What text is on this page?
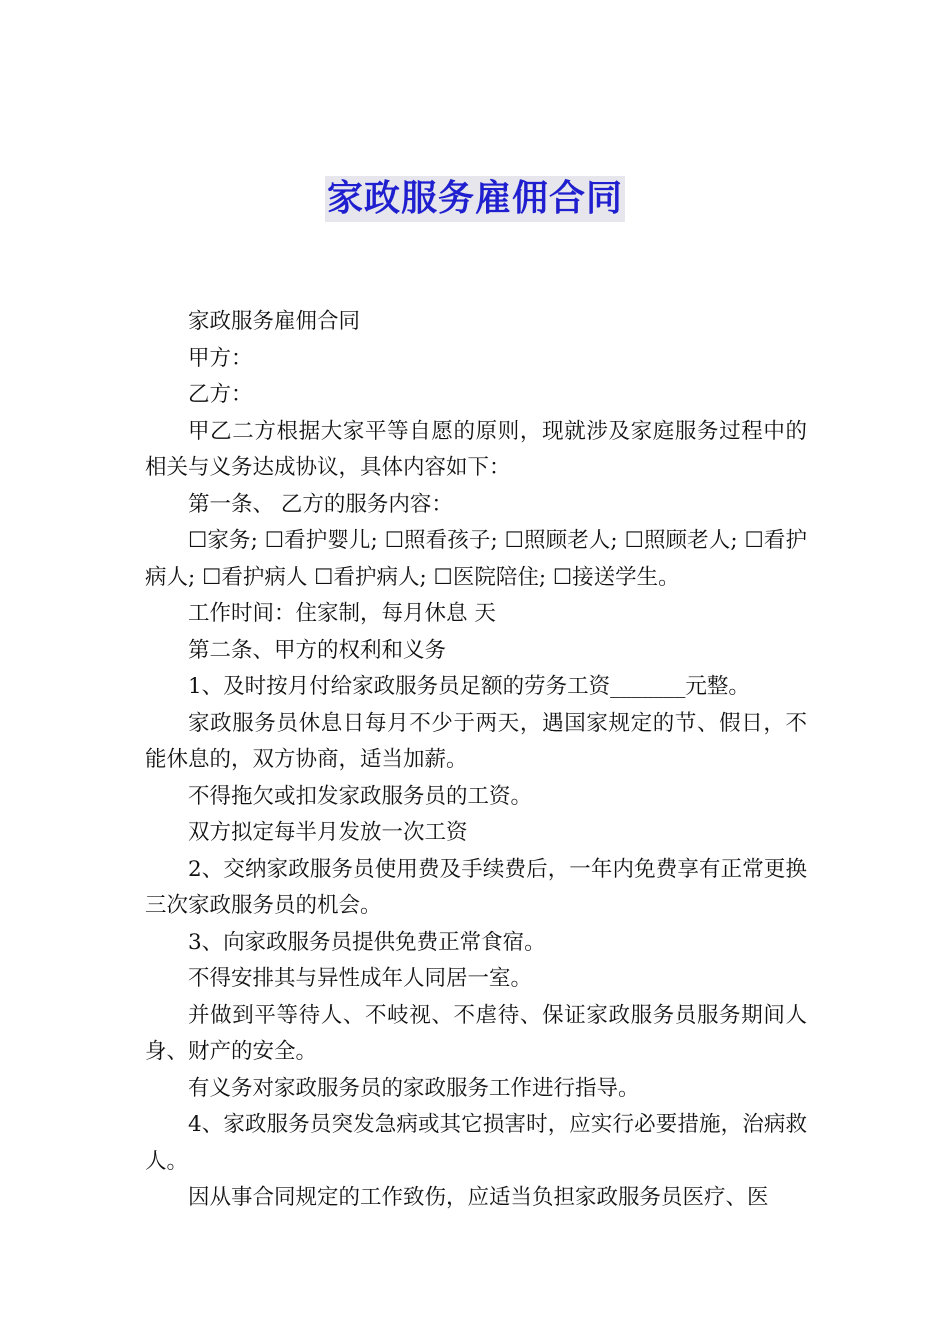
家政服务雇佣合同

家政服务雇佣合同

甲方：

乙方：

甲乙二方根据大家平等自愿的原则，现就涉及家庭服务过程中的相关与义务达成协议，具体内容如下：

第一条、 乙方的服务内容：

☐家务; ☐看护婴儿; ☐照看孩子; ☐照顾老人; ☐照顾老人; ☐看护病人; ☐看护病人 ☐看护病人; ☐医院陪住; ☐接送学生。

工作时间：住家制，每月休息 天

第二条、甲方的权利和义务

1、及时按月付给家政服务员足额的劳务工资_______元整。

家政服务员休息日每月不少于两天，遇国家规定的节、假日，不能休息的，双方协商，适当加薪。

不得拖欠或扣发家政服务员的工资。

双方拟定每半月发放一次工资

2、交纳家政服务员使用费及手续费后，一年内免费享有正常更换三次家政服务员的机会。

3、向家政服务员提供免费正常食宿。

不得安排其与异性成年人同居一室。

并做到平等待人、不岐视、不虐待、保证家政服务员服务期间人身、财产的安全。

有义务对家政服务员的家政服务工作进行指导。

4、家政服务员突发急病或其它损害时，应实行必要措施，治病救人。

因从事合同规定的工作致伤，应适当负担家政服务员医疗、医
